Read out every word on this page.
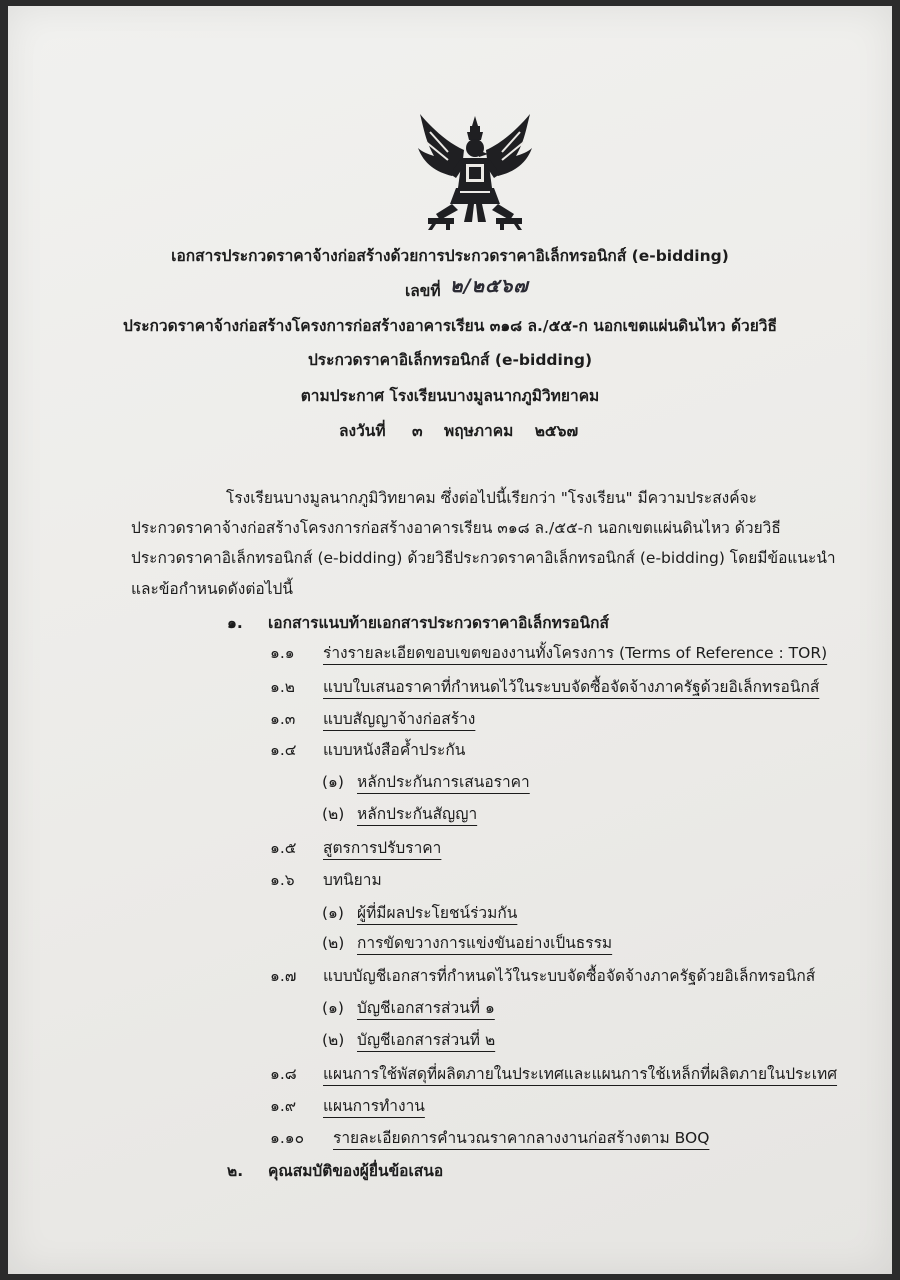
เอกสารประกวดราคาจ้างก่อสร้างด้วยการประกวดราคาอิเล็กทรอนิกส์ (e-bidding)
เลขที่ ๒/๒๕๖๗
ประกวดราคาจ้างก่อสร้างโครงการก่อสร้างอาคารเรียน ๓๑๘ ล./๕๕-ก นอกเขตแผ่นดินไหว ด้วยวิธี
ประกวดราคาอิเล็กทรอนิกส์ (e-bidding)
ตามประกาศ โรงเรียนบางมูลนากภูมิวิทยาคม
ลงวันที่ ๓ พฤษภาคม ๒๕๖๗
โรงเรียนบางมูลนากภูมิวิทยาคม ซึ่งต่อไปนี้เรียกว่า "โรงเรียน" มีความประสงค์จะ
ประกวดราคาจ้างก่อสร้างโครงการก่อสร้างอาคารเรียน ๓๑๘ ล./๕๕-ก นอกเขตแผ่นดินไหว ด้วยวิธี
ประกวดราคาอิเล็กทรอนิกส์ (e-bidding) ด้วยวิธีประกวดราคาอิเล็กทรอนิกส์ (e-bidding) โดยมีข้อแนะนำ
และข้อกำหนดดังต่อไปนี้
๑. เอกสารแนบท้ายเอกสารประกวดราคาอิเล็กทรอนิกส์
๑.๑ ร่างรายละเอียดขอบเขตของงานทั้งโครงการ (Terms of Reference : TOR)
๑.๒ แบบใบเสนอราคาที่กำหนดไว้ในระบบจัดซื้อจัดจ้างภาครัฐด้วยอิเล็กทรอนิกส์
๑.๓ แบบสัญญาจ้างก่อสร้าง
๑.๔ แบบหนังสือค้ำประกัน
(๑) หลักประกันการเสนอราคา
(๒) หลักประกันสัญญา
๑.๕ สูตรการปรับราคา
๑.๖ บทนิยาม
(๑) ผู้ที่มีผลประโยชน์ร่วมกัน
(๒) การขัดขวางการแข่งขันอย่างเป็นธรรม
๑.๗ แบบบัญชีเอกสารที่กำหนดไว้ในระบบจัดซื้อจัดจ้างภาครัฐด้วยอิเล็กทรอนิกส์
(๑) บัญชีเอกสารส่วนที่ ๑
(๒) บัญชีเอกสารส่วนที่ ๒
๑.๘ แผนการใช้พัสดุที่ผลิตภายในประเทศและแผนการใช้เหล็กที่ผลิตภายในประเทศ
๑.๙ แผนการทำงาน
๑.๑๐ รายละเอียดการคำนวณราคากลางงานก่อสร้างตาม BOQ
๒. คุณสมบัติของผู้ยื่นข้อเสนอ
